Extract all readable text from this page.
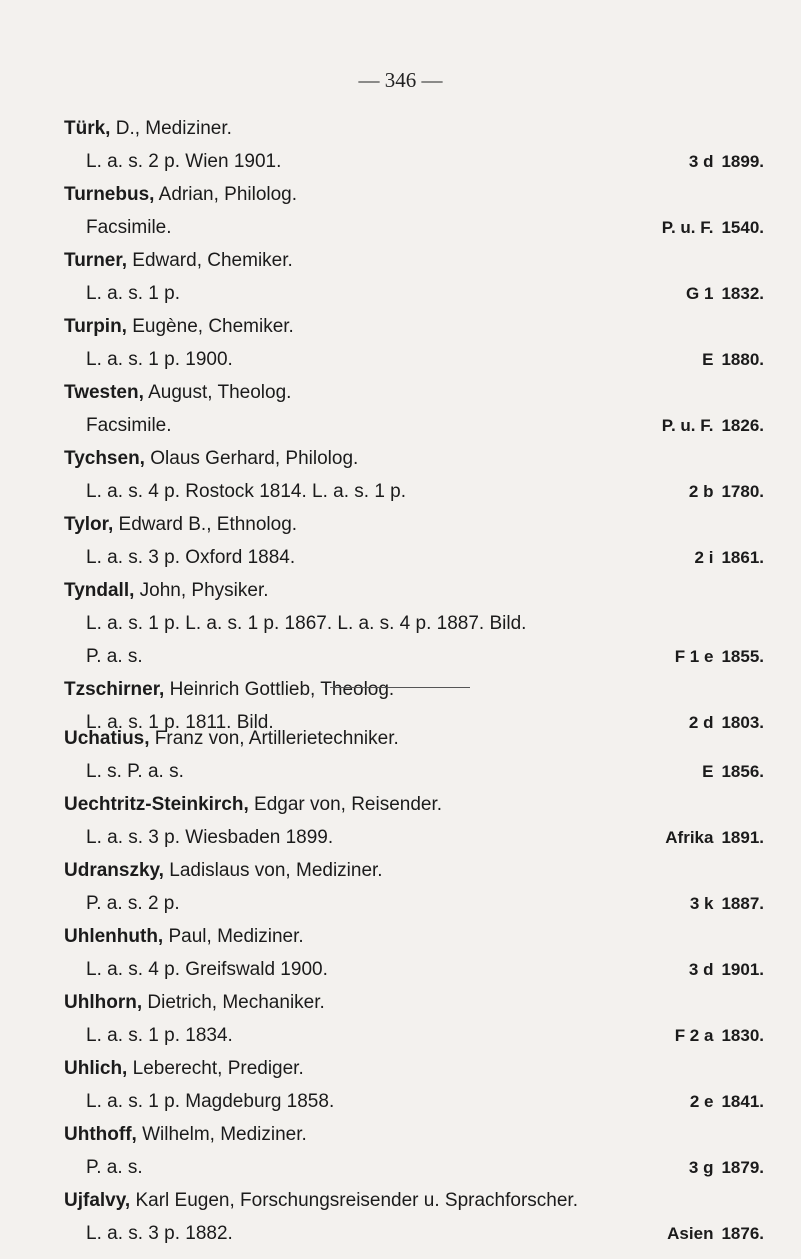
— 346 —
Türk, D., Mediziner.
L. a. s. 2 p. Wien 1901.	3 d 1899.
Turnebus, Adrian, Philolog.
Facsimile.	P. u. F. 1540.
Turner, Edward, Chemiker.
L. a. s. 1 p.	G 1 1832.
Turpin, Eugène, Chemiker.
L. a. s. 1 p. 1900.	E 1880.
Twesten, August, Theolog.
Facsimile.	P. u. F. 1826.
Tychsen, Olaus Gerhard, Philolog.
L. a. s. 4 p. Rostock 1814. L. a. s. 1 p.	2 b 1780.
Tylor, Edward B., Ethnolog.
L. a. s. 3 p. Oxford 1884.	2 i 1861.
Tyndall, John, Physiker.
L. a. s. 1 p. L. a. s. 1 p. 1867. L. a. s. 4 p. 1887. Bild.
P. a. s.	F 1 e 1855.
Tzschirner, Heinrich Gottlieb, Theolog.
L. a. s. 1 p. 1811. Bild.	2 d 1803.
Uchatius, Franz von, Artillerietechniker.
L. s. P. a. s.	E 1856.
Uechtritz-Steinkirch, Edgar von, Reisender.
L. a. s. 3 p. Wiesbaden 1899.	Afrika 1891.
Udranszky, Ladislaus von, Mediziner.
P. a. s. 2 p.	3 k 1887.
Uhlenhuth, Paul, Mediziner.
L. a. s. 4 p. Greifswald 1900.	3 d 1901.
Uhlhorn, Dietrich, Mechaniker.
L. a. s. 1 p. 1834.	F 2 a 1830.
Uhlich, Leberecht, Prediger.
L. a. s. 1 p. Magdeburg 1858.	2 e 1841.
Uhthoff, Wilhelm, Mediziner.
P. a. s.	3 g 1879.
Ujfalvy, Karl Eugen, Forschungsreisender u. Sprachforscher.
L. a. s. 3 p. 1882.	Asien 1876.
